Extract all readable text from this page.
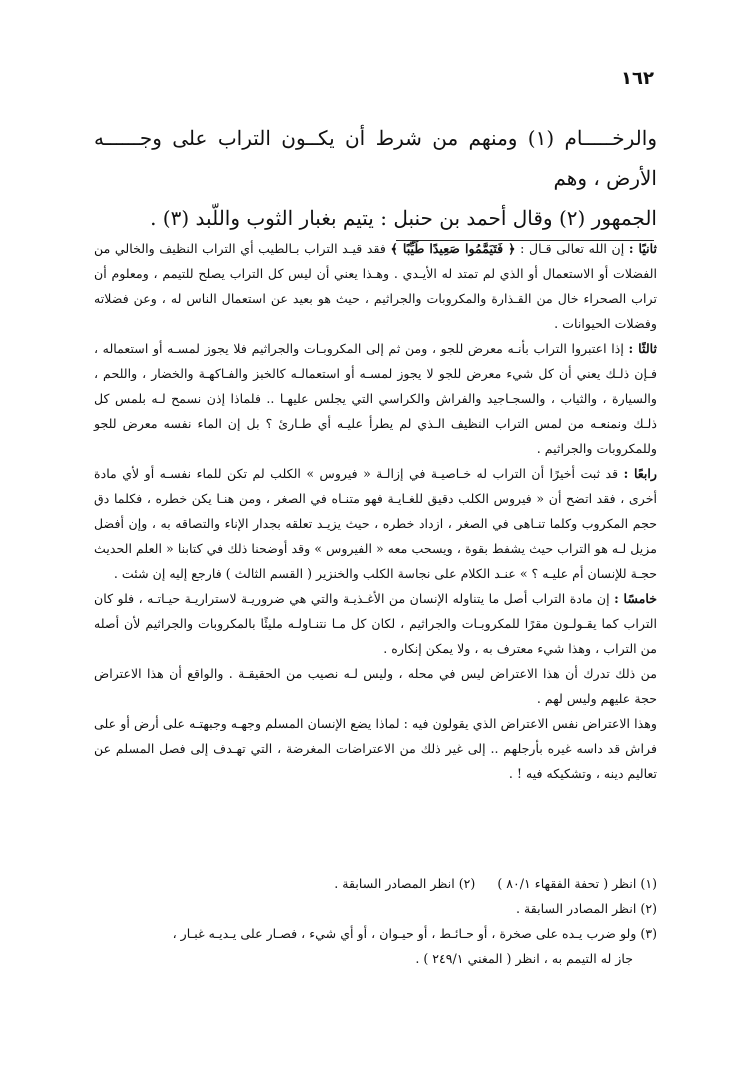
١٦٢

والرخـــــام (١) ومنهم من شرط أن يكــون التراب على وجــــــه الأرض ، وهم

الجمهور (٢) وقال أحمد بن حنبل : يتيم بغبار الثوب واللّبد (٣) .

ثانيًا : إن الله تعالى قـال : ﴿ فَتَيَمَّمُوا صَعِيدًا طَيِّبًا ﴾ فقد قيـد التراب بـالطيب أي التراب النظيف والخالي من الفضلات أو الاستعمال أو الذي لم تمتد له الأيـدي . وهـذا يعني أن ليس كل التراب يصلح للتيمم ، ومعلوم أن تراب الصحراء خال من القـذارة والمكروبات والجراثيم ، حيث هو بعيد عن استعمال الناس له ، وعن فضلاته وفضلات الحيوانات .

ثالثًا : إذا اعتبروا التراب بأنـه معرض للجو ، ومن ثم إلى المكروبـات والجراثيم فلا يجوز لمسـه أو استعماله ، فـإن ذلـك يعني أن كل شيء معرض للجو لا يجوز لمسـه أو استعمالـه كالخبز والفـاكهـة والخضار ، واللحم ، والسيارة ، والثياب ، والسجـاجيد والفراش والكراسي التي يجلس عليهـا .. فلماذا إذن نسمح لـه بلمس كل ذلـك ونمنعـه من لمس التراب النظيف الـذي لم يطرأ عليـه أي طـارئ ؟ بل إن الماء نفسه معرض للجو وللمكروبات والجراثيم .

رابعًا : قد ثبت أخيرًا أن التراب له خـاصيـة في إزالـة « فيروس » الكلب لم تكن للماء نفسـه أو لأي مادة أخرى ، فقد اتضح أن « فيروس الكلب دقيق للغـايـة فهو متنـاه في الصغر ، ومن هنـا يكن خطره ، فكلما دق حجم المكروب وكلما تنـاهى في الصغر ، ازداد خطره ، حيث يزيـد تعلقه بجدار الإناء والتصاقه به ، وإن أفضل مزيل لـه هو التراب حيث يشفط بقوة ، ويسحب معه « الفيروس » وقد أوضحنا ذلك في كتابنا « العلم الحديث حجـة للإنسان أم عليـه ؟ » عنـد الكلام على نجاسة الكلب والخنزير ( القسم الثالث ) فارجع إليه إن شئت .

خامسًا : إن مادة التراب أصل ما يتناوله الإنسان من الأغـذيـة والتي هي ضروريـة لاستراريـة حيـاتـه ، فلو كان التراب كما يقـولـون مقرًا للمكروبـات والجراثيم ، لكان كل مـا نتنـاولـه مليئًا بالمكروبات والجراثيم لأن أصله من التراب ، وهذا شيء معترف به ، ولا يمكن إنكاره .

من ذلك تدرك أن هذا الاعتراض ليس في محله ، وليس لـه نصيب من الحقيقـة . والواقع أن هذا الاعتراض حجة عليهم وليس لهم .

وهذا الاعتراض نفس الاعتراض الذي يقولون فيه : لماذا يضع الإنسان المسلم وجهـه وجبهتـه على أرض أو على فراش قد داسه غيره بأرجلهم .. إلى غير ذلك من الاعتراضات المغرضة ، التي تهـدف إلى فصل المسلم عن تعاليم دينه ، وتشكيكه فيه ! .

(١) انظر ( تحفة الفقهاء ٨٠/١ )
(٢) انظر المصادر السابقة .

(٢) انظر المصادر السابقة .

(٣) ولو ضرب يـده على صخرة ، أو حـائـط ، أو حيـوان ، أو أي شيء ، فصـار على يـديـه غبـار ،

جاز له التيمم به ، انظر ( المغني ٢٤٩/١ ) .
